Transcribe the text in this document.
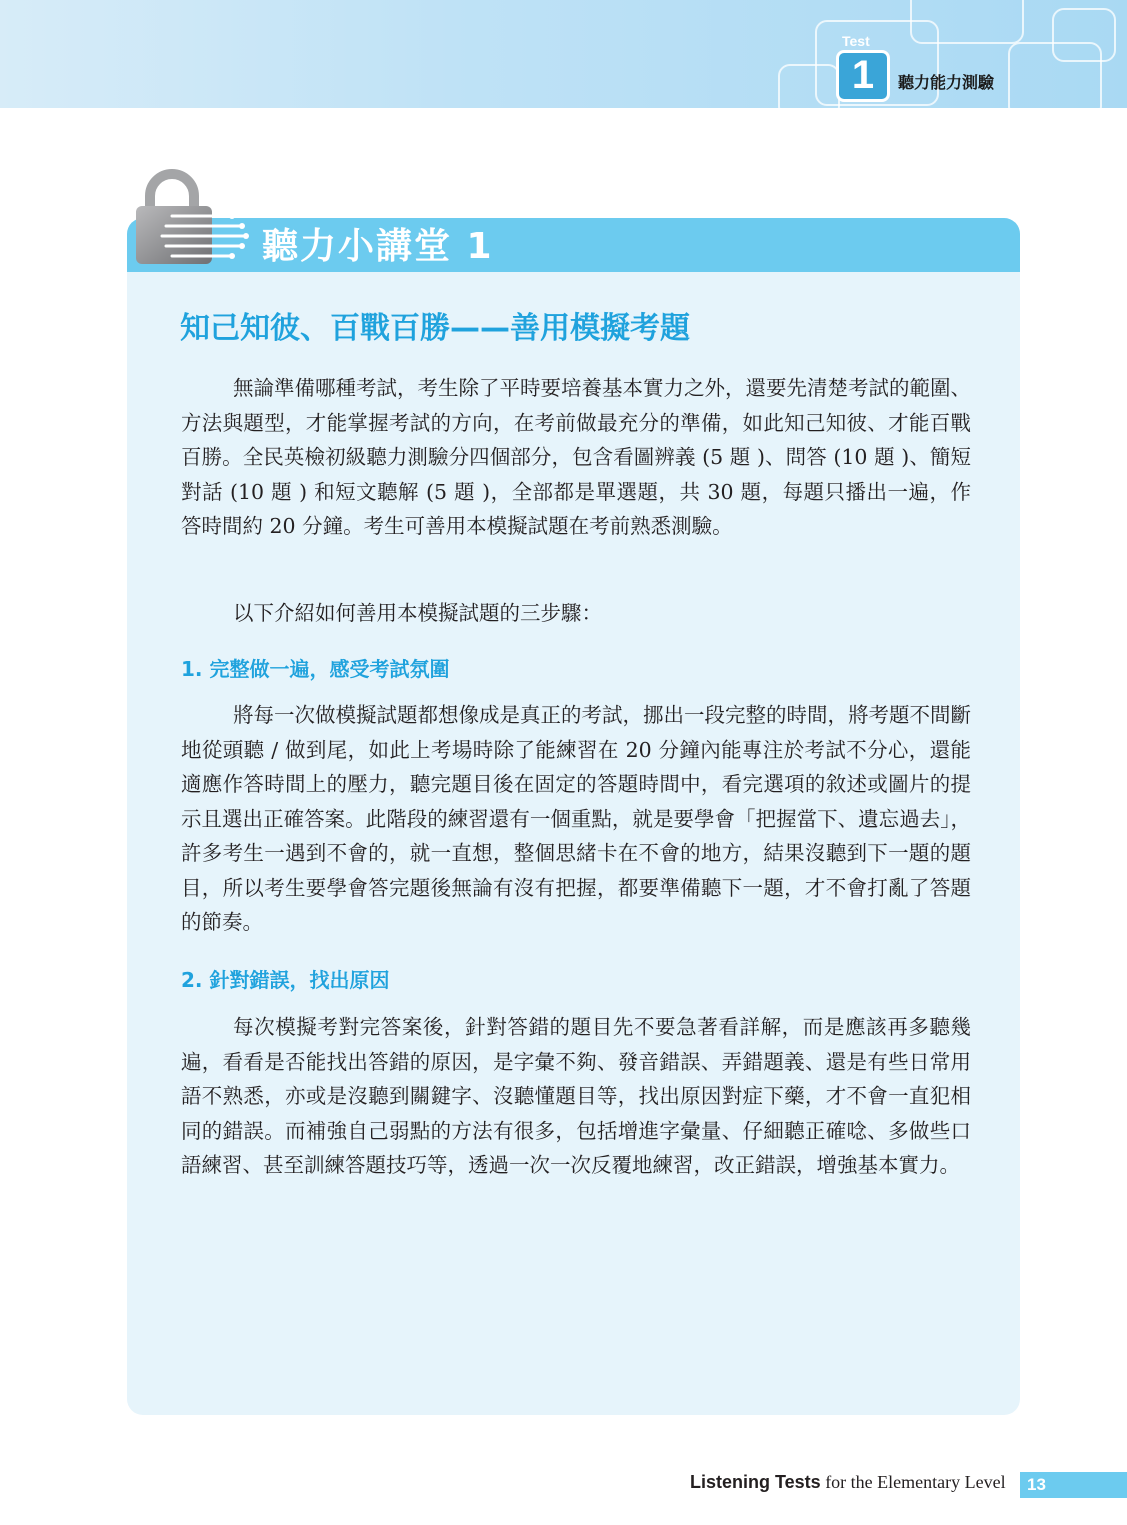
Test
1	聽力能力測驗
聽力小講堂 1
知己知彼、百戰百勝——善用模擬考題

無論準備哪種考試，考生除了平時要培養基本實力之外，還要先清楚考試的範圍、方法與題型，才能掌握考試的方向，在考前做最充分的準備，如此知己知彼、才能百戰百勝。全民英檢初級聽力測驗分四個部分，包含看圖辨義 (5 題 )、問答 (10 題 )、簡短對話 (10 題 ) 和短文聽解 (5 題 )，全部都是單選題，共 30 題，每題只播出一遍，作答時間約 20 分鐘。考生可善用本模擬試題在考前熟悉測驗。

以下介紹如何善用本模擬試題的三步驟：

1. 完整做一遍，感受考試氛圍

將每一次做模擬試題都想像成是真正的考試，挪出一段完整的時間，將考題不間斷地從頭聽 / 做到尾，如此上考場時除了能練習在 20 分鐘內能專注於考試不分心，還能適應作答時間上的壓力，聽完題目後在固定的答題時間中，看完選項的敘述或圖片的提示且選出正確答案。此階段的練習還有一個重點，就是要學會「把握當下、遺忘過去」，許多考生一遇到不會的，就一直想，整個思緒卡在不會的地方，結果沒聽到下一題的題目，所以考生要學會答完題後無論有沒有把握，都要準備聽下一題，才不會打亂了答題的節奏。

2. 針對錯誤，找出原因

每次模擬考對完答案後，針對答錯的題目先不要急著看詳解，而是應該再多聽幾遍，看看是否能找出答錯的原因，是字彙不夠、發音錯誤、弄錯題義、還是有些日常用語不熟悉，亦或是沒聽到關鍵字、沒聽懂題目等，找出原因對症下藥，才不會一直犯相同的錯誤。而補強自己弱點的方法有很多，包括增進字彙量、仔細聽正確唸、多做些口語練習、甚至訓練答題技巧等，透過一次一次反覆地練習，改正錯誤，增強基本實力。

Listening Tests for the Elementary Level	13
